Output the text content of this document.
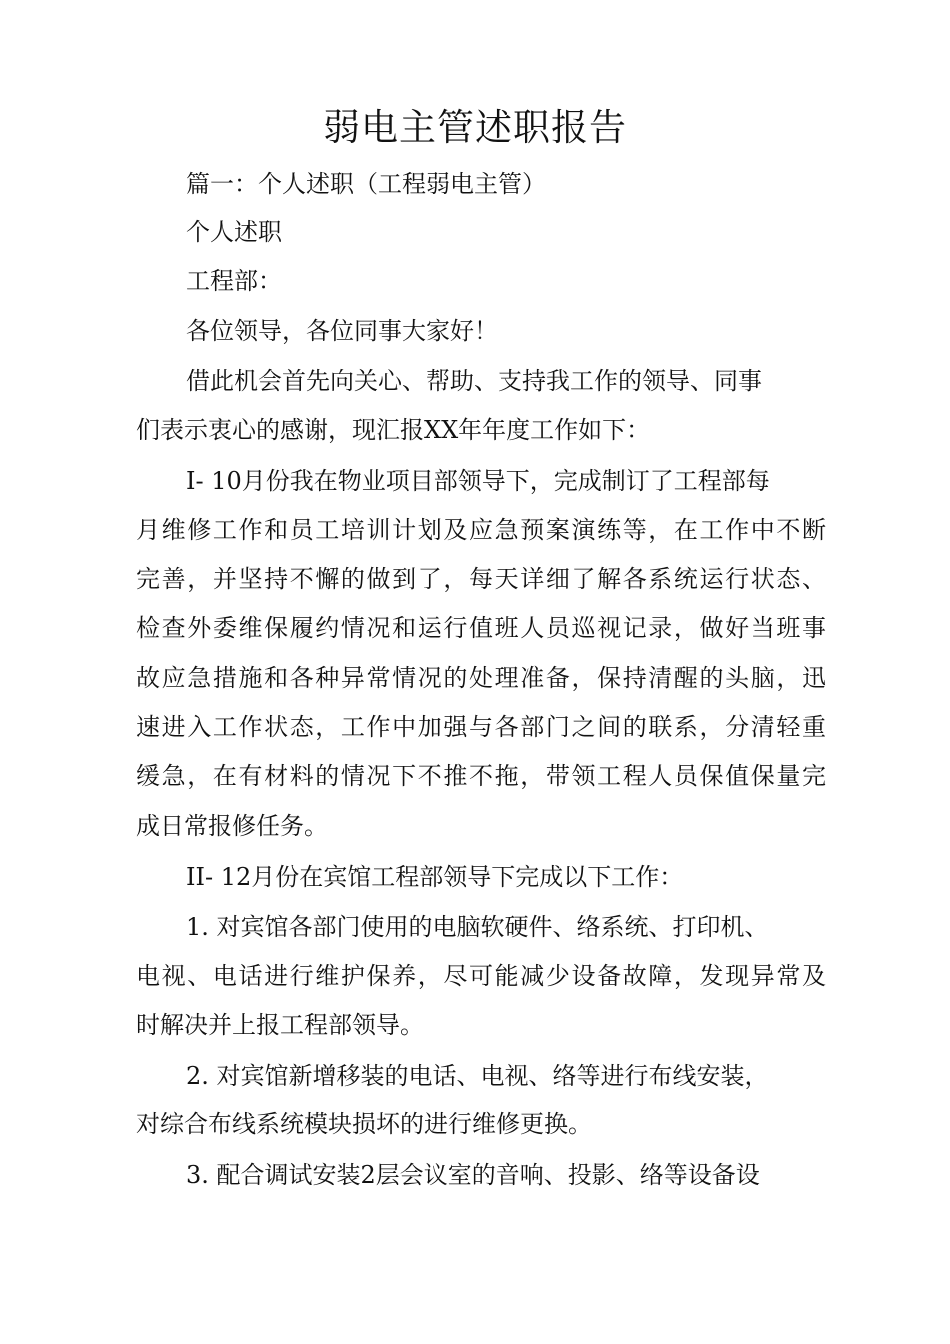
弱电主管述职报告
篇一：个人述职（工程弱电主管）
个人述职
工程部：
各位领导，各位同事大家好！
借此机会首先向关心、帮助、支持我工作的领导、同事
们表示衷心的感谢，现汇报XX年年度工作如下：
I- 10月份我在物业项目部领导下，完成制订了工程部每
月维修工作和员工培训计划及应急预案演练等，在工作中不断
完善，并坚持不懈的做到了，每天详细了解各系统运行状态、
检查外委维保履约情况和运行值班人员巡视记录，做好当班事
故应急措施和各种异常情况的处理准备，保持清醒的头脑，迅
速进入工作状态，工作中加强与各部门之间的联系，分清轻重
缓急，在有材料的情况下不推不拖，带领工程人员保值保量完
成日常报修任务。
II- 12月份在宾馆工程部领导下完成以下工作：
1. 对宾馆各部门使用的电脑软硬件、络系统、打印机、
电视、电话进行维护保养，尽可能减少设备故障，发现异常及
时解决并上报工程部领导。
2. 对宾馆新增移装的电话、电视、络等进行布线安装，
对综合布线系统模块损坏的进行维修更换。
3. 配合调试安装2层会议室的音响、投影、络等设备设
